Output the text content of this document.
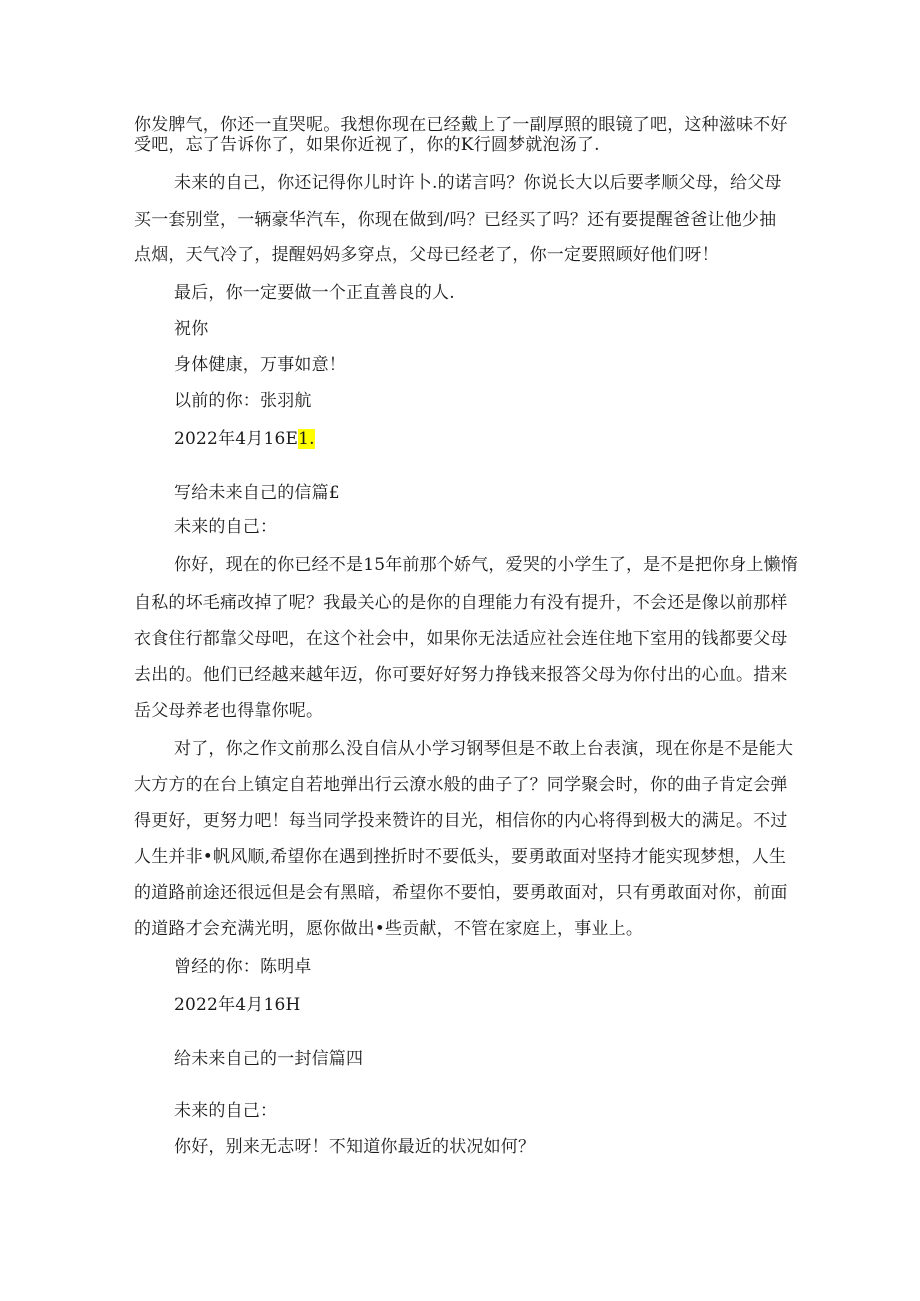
你发脾气，你还一直哭呢。我想你现在已经戴上了一副厚照的眼镜了吧，这种滋味不好
受吧，忘了告诉你了，如果你近视了，你的K行圆梦就泡汤了.
未来的自己，你还记得你儿时许卜.的诺言吗？你说长大以后要孝顺父母，给父母
买一套别堂，一辆豪华汽车，你现在做到/吗？已经买了吗？还有要提醒爸爸让他少抽
点烟，天气冷了，提醒妈妈多穿点，父母已经老了，你一定要照顾好他们呀！
最后，你一定要做一个正直善良的人.
祝你
身体健康，万事如意！
以前的你：张羽航
2022年4月16E1.
写给未来自己的信篇£
未来的自己：
你好，现在的你已经不是15年前那个娇气，爱哭的小学生了，是不是把你身上懒惰
自私的坏毛痛改掉了呢？我最关心的是你的自理能力有没有提升，不会还是像以前那样
衣食住行都靠父母吧，在这个社会中，如果你无法适应社会连住地下室用的钱都要父母
去出的。他们已经越来越年迈，你可要好好努力挣钱来报答父母为你付出的心血。措来
岳父母养老也得靠你呢。
对了，你之作文前那么没自信从小学习钢琴但是不敢上台表演，现在你是不是能大
大方方的在台上镇定自若地弹出行云潦水般的曲子了？同学聚会时，你的曲子肯定会弹
得更好，更努力吧！每当同学投来赞许的目光，相信你的内心将得到极大的满足。不过
人生并非•帆风顺,希望你在遇到挫折时不要低头，要勇敢面对坚持才能实现梦想，人生
的道路前途还很远但是会有黑暗，希望你不要怕，要勇敢面对，只有勇敢面对你，前面
的道路才会充满光明，愿你做出•些贡献，不管在家庭上，事业上。
曾经的你：陈明卓
2022年4月16H
给未来自己的一封信篇四
未来的自己：
你好，别来无志呀！不知道你最近的状况如何？
